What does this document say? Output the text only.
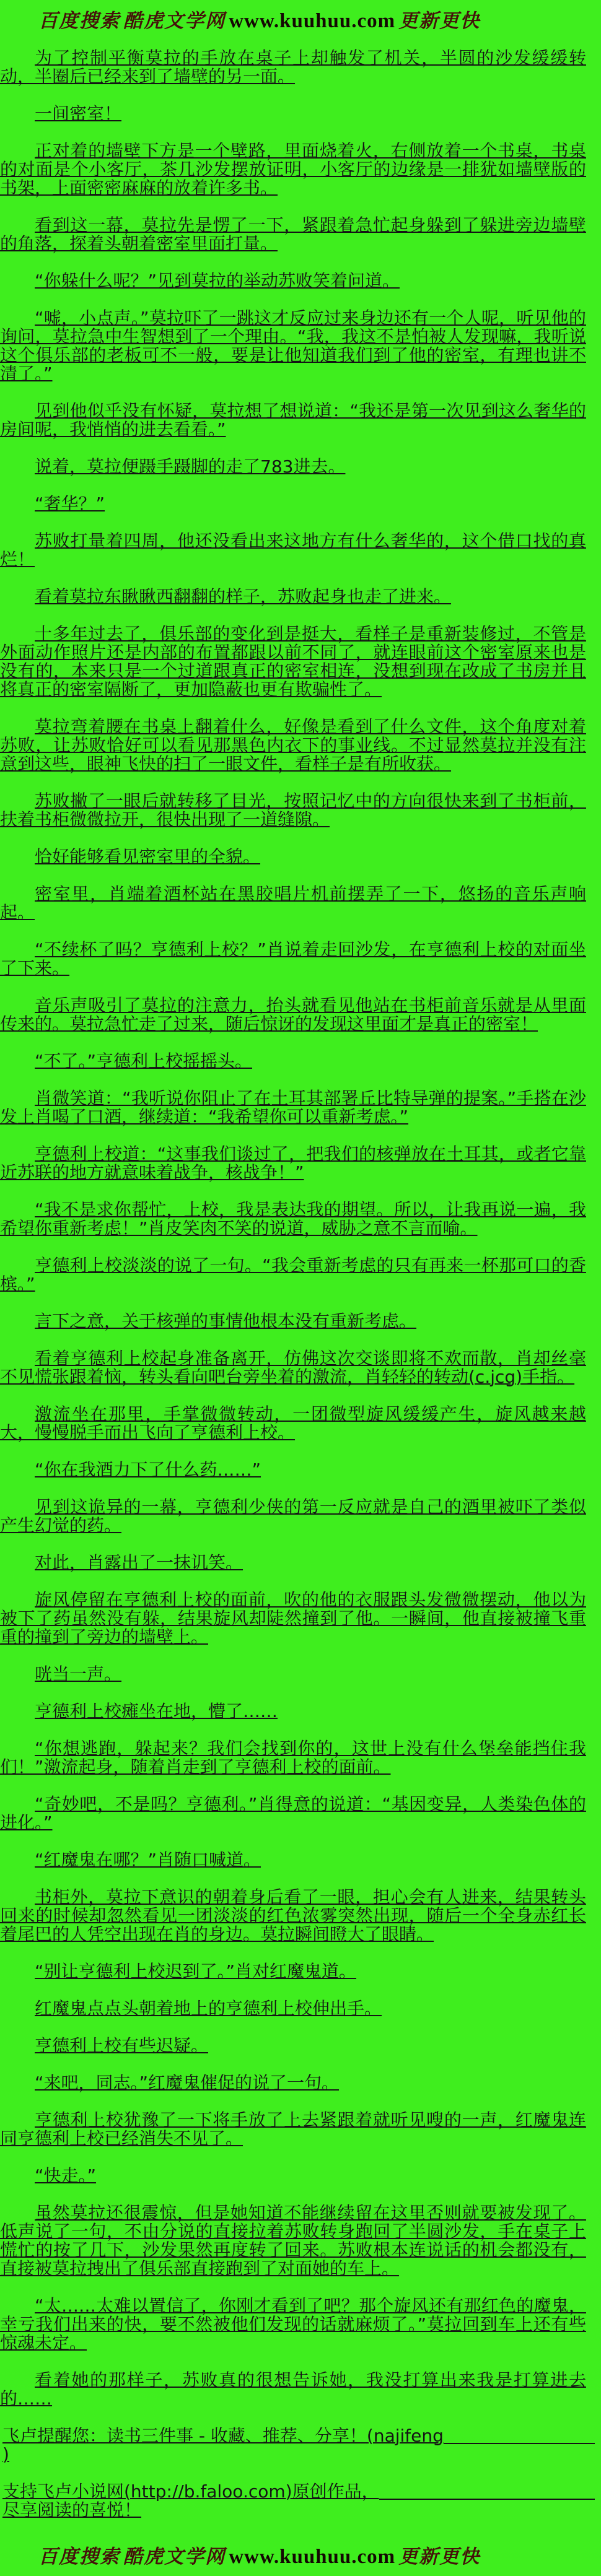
百度搜索 酷虎文学网 www.kuuhuu.com 更新更快

为了控制平衡莫拉的手放在桌子上却触发了机关，半圆的沙发缓缓转动，半圈后已经来到了墙壁的另一面。

一间密室！

正对着的墙壁下方是一个壁路，里面烧着火，右侧放着一个书桌，书桌的对面是个小客厅，茶几沙发摆放证明，小客厅的边缘是一排犹如墙壁版的书架，上面密密麻麻的放着许多书。

看到这一幕，莫拉先是愣了一下，紧跟着急忙起身躲到了躲进旁边墙壁的角落，探着头朝着密室里面打量。

“你躲什么呢？”见到莫拉的举动苏败笑着问道。

“嘘，小点声。”莫拉吓了一跳这才反应过来身边还有一个人呢，听见他的询问，莫拉急中生智想到了一个理由。“我，我这不是怕被人发现嘛，我听说这个俱乐部的老板可不一般，要是让他知道我们到了他的密室，有理也讲不清了。”

见到他似乎没有怀疑，莫拉想了想说道：“我还是第一次见到这么奢华的房间呢，我悄悄的进去看看。”

说着，莫拉便蹑手蹑脚的走了783进去。

“奢华？”

苏败打量着四周，他还没看出来这地方有什么奢华的，这个借口找的真烂！

看着莫拉东瞅瞅西翻翻的样子，苏败起身也走了进来。

十多年过去了，俱乐部的变化到是挺大，看样子是重新装修过，不管是外面动作照片还是内部的布置都跟以前不同了，就连眼前这个密室原来也是没有的，本来只是一个过道跟真正的密室相连，没想到现在改成了书房并且将真正的密室隔断了，更加隐蔽也更有欺骗性了。

莫拉弯着腰在书桌上翻着什么，好像是看到了什么文件，这个角度对着苏败，让苏败恰好可以看见那黑色内衣下的事业线。不过显然莫拉并没有注意到这些，眼神飞快的扫了一眼文件，看样子是有所收获。

苏败撇了一眼后就转移了目光，按照记忆中的方向很快来到了书柜前，扶着书柜微微拉开，很快出现了一道缝隙。

恰好能够看见密室里的全貌。

密室里，肖端着酒杯站在黑胶唱片机前摆弄了一下，悠扬的音乐声响起。

“不续杯了吗？亨德利上校？”肖说着走回沙发，在亨德利上校的对面坐了下来。

音乐声吸引了莫拉的注意力，抬头就看见他站在书柜前音乐就是从里面传来的。莫拉急忙走了过来，随后惊讶的发现这里面才是真正的密室！

“不了。”亨德利上校摇摇头。

肖微笑道：“我听说你阻止了在土耳其部署丘比特导弹的提案。”手搭在沙发上肖喝了口酒，继续道：“我希望你可以重新考虑。”

亨德利上校道：“这事我们谈过了，把我们的核弹放在土耳其，或者它靠近苏联的地方就意味着战争，核战争！”

“我不是求你帮忙，上校，我是表达我的期望。所以，让我再说一遍，我希望你重新考虑！”肖皮笑肉不笑的说道，威胁之意不言而喻。

亨德利上校淡淡的说了一句。“我会重新考虑的只有再来一杯那可口的香槟。”

言下之意，关于核弹的事情他根本没有重新考虑。

看着亨德利上校起身准备离开，仿佛这次交谈即将不欢而散，肖却丝毫不见慌张跟着恼，转头看向吧台旁坐着的激流，肖轻轻的转动(c.jcg)手指。

激流坐在那里，手掌微微转动，一团微型旋风缓缓产生，旋风越来越大，慢慢脱手而出飞向了亨德利上校。

“你在我酒力下了什么药……”

见到这诡异的一幕，亨德利少侠的第一反应就是自己的酒里被吓了类似产生幻觉的药。

对此，肖露出了一抹讥笑。

旋风停留在亨德利上校的面前，吹的他的衣服跟头发微微摆动，他以为被下了药虽然没有躲，结果旋风却陡然撞到了他。一瞬间，他直接被撞飞重重的撞到了旁边的墙壁上。

咣当一声。

亨德利上校瘫坐在地，懵了……

“你想逃跑，躲起来？我们会找到你的，这世上没有什么堡垒能挡住我们！”激流起身，随着肖走到了亨德利上校的面前。

“奇妙吧，不是吗？亨德利。”肖得意的说道：“基因变异，人类染色体的进化。”

“红魔鬼在哪？”肖随口喊道。

书柜外，莫拉下意识的朝着身后看了一眼，担心会有人进来，结果转头回来的时候却忽然看见一团淡淡的红色浓雾突然出现，随后一个全身赤红长着尾巴的人凭空出现在肖的身边。莫拉瞬间瞪大了眼睛。

“别让亨德利上校迟到了。”肖对红魔鬼道。

红魔鬼点点头朝着地上的亨德利上校伸出手。

亨德利上校有些迟疑。

“来吧，同志。”红魔鬼催促的说了一句。

亨德利上校犹豫了一下将手放了上去紧跟着就听见嗖的一声，红魔鬼连同亨德利上校已经消失不见了。

“快走。”

虽然莫拉还很震惊，但是她知道不能继续留在这里否则就要被发现了。低声说了一句，不由分说的直接拉着苏败转身跑回了半圆沙发，手在桌子上慌忙的按了几下，沙发果然再度转了回来。苏败根本连说话的机会都没有，直接被莫拉拽出了俱乐部直接跑到了对面她的车上。

“太……太难以置信了，你刚才看到了吧？那个旋风还有那红色的魔鬼，幸亏我们出来的快，要不然被他们发现的话就麻烦了。”莫拉回到车上还有些惊魂未定。

看着她的那样子，苏败真的很想告诉她，我没打算出来我是打算进去的……

飞卢提醒您：读书三件事 - 收藏、推荐、分享！(najifeng
)
支持飞卢小说网(http://b.faloo.com)原创作品，
尽享阅读的喜悦！
百度搜索 酷虎文学网 www.kuuhuu.com 更新更快
